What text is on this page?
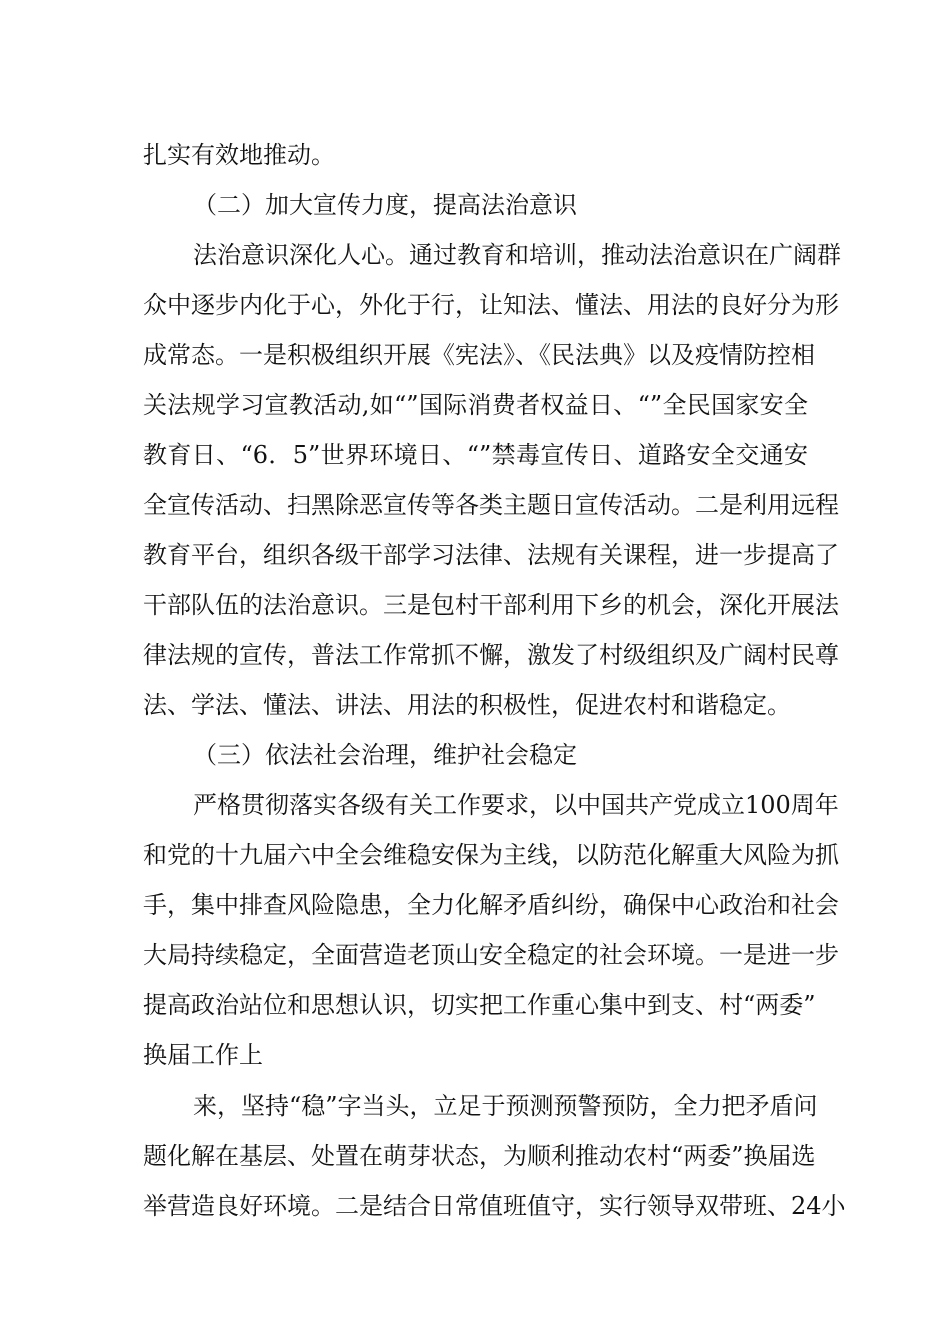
扎实有效地推动。
（二）加大宣传力度，提高法治意识
法治意识深化人心。通过教育和培训，推动法治意识在广阔群
众中逐步内化于心，外化于行，让知法、懂法、用法的良好分为形
成常态。一是积极组织开展《宪法》、《民法典》以及疫情防控相
关法规学习宣教活动,如“”国际消费者权益日、“”全民国家安全
教育日、“6．5”世界环境日、“”禁毒宣传日、道路安全交通安
全宣传活动、扫黑除恶宣传等各类主题日宣传活动。二是利用远程
教育平台，组织各级干部学习法律、法规有关课程，进一步提高了
干部队伍的法治意识。三是包村干部利用下乡的机会，深化开展法
律法规的宣传，普法工作常抓不懈，激发了村级组织及广阔村民尊
法、学法、懂法、讲法、用法的积极性，促进农村和谐稳定。
（三）依法社会治理，维护社会稳定
严格贯彻落实各级有关工作要求，以中国共产党成立100周年
和党的十九届六中全会维稳安保为主线，以防范化解重大风险为抓
手，集中排查风险隐患，全力化解矛盾纠纷，确保中心政治和社会
大局持续稳定，全面营造老顶山安全稳定的社会环境。一是进一步
提高政治站位和思想认识，切实把工作重心集中到支、村“两委”
换届工作上
来，坚持“稳”字当头，立足于预测预警预防，全力把矛盾问
题化解在基层、处置在萌芽状态，为顺利推动农村“两委”换届选
举营造良好环境。二是结合日常值班值守，实行领导双带班、24小
